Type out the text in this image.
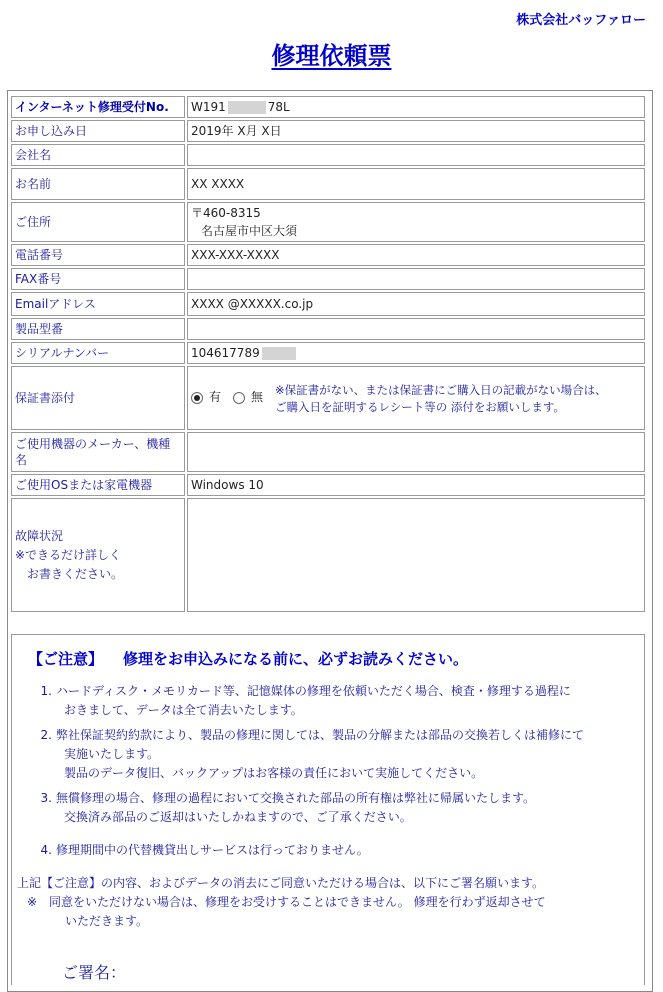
株式会社バッファロー
修理依頼票
インターネット修理受付No.	W191 78L
お申し込み日	2019年 X月 X日
会社名	
お名前	XX XXXX
ご住所	〒460-8315
名古屋市中区大須

電話番号	XXX-XXX-XXXX
FAX番号	
Emailアドレス	XXXX @XXXXX.co.jp
製品型番	
シリアルナンバー	104617789
保証書添付	有 無 ※保証書がない、または保証書にご購入日の記載がない場合は、
ご購入日を証明するレシート等の 添付をお願いします。
ご使用機器のメーカー、機種名	
ご使用OSまたは家電機器	Windows 10

故障状況
※できるだけ詳しく
お書きください。	

【ご注意】 修理をお申込みになる前に、必ずお読みください。
1. ハードディスク・メモリカード等、記憶媒体の修理を依頼いただく場合、検査・修理する過程に
おきまして、データは全て消去いたします。
2. 弊社保証契約約款により、製品の修理に関しては、製品の分解または部品の交換若しくは補修にて
実施いたします。
製品のデータ復旧、バックアップはお客様の責任において実施してください。
3. 無償修理の場合、修理の過程において交換された部品の所有権は弊社に帰属いたします。
交換済み部品のご返却はいたしかねますので、ご了承ください。
4. 修理期間中の代替機貸出しサービスは行っておりません。
上記【ご注意】の内容、およびデータの消去にご同意いただける場合は、以下にご署名願います。
※　同意をいただけない場合は、修理をお受けすることはできません。 修理を行わず返却させて
いただきます。
ご署名：
